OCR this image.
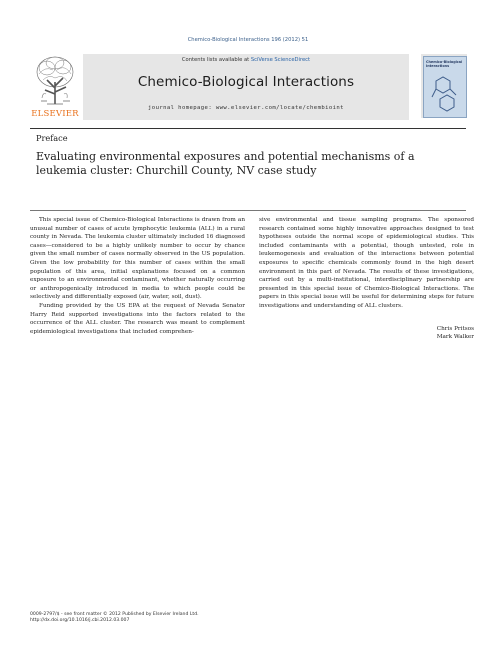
Chemico-Biological Interactions 196 (2012) 51
ELSEVIER
Contents lists available at SciVerse ScienceDirect
Chemico-Biological Interactions
journal homepage: www.elsevier.com/locate/chembioint
Chemico-Biological Interactions
Preface
Evaluating environmental exposures and potential mechanisms of a leukemia cluster: Churchill County, NV case study

This special issue of Chemico-Biological Interactions is drawn from an unusual number of cases of acute lymphocytic leukemia (ALL) in a rural county in Nevada. The leukemia cluster ultimately included 16 diagnosed cases—considered to be a highly unlikely number to occur by chance given the small number of cases normally observed in the US population. Given the low probability for this number of cases within the small population of this area, initial explanations focused on a common exposure to an environmental contaminant, whether naturally occurring or anthropogenically introduced in media to which people could be selectively and differentially exposed (air, water, soil, dust).

Funding provided by the US EPA at the request of Nevada Senator Harry Reid supported investigations into the factors related to the occurrence of the ALL cluster. The research was meant to complement epidemiological investigations that included comprehen-

sive environmental and tissue sampling programs. The sponsored research contained some highly innovative approaches designed to test hypotheses outside the normal scope of epidemiological studies. This included contaminants with a potential, though untested, role in leukemogenesis and evaluation of the interactions between potential exposures to specific chemicals commonly found in the high desert environment in this part of Nevada. The results of these investigations, carried out by a multi-institutional, interdisciplinary partnership are presented in this special issue of Chemico-Biological Interactions. The papers in this special issue will be useful for determining steps for future investigations and understanding of ALL clusters.

Chris Pritsos
Mark Walker
0009-2797/$ - see front matter © 2012 Published by Elsevier Ireland Ltd.
http://dx.doi.org/10.1016/j.cbi.2012.03.007
